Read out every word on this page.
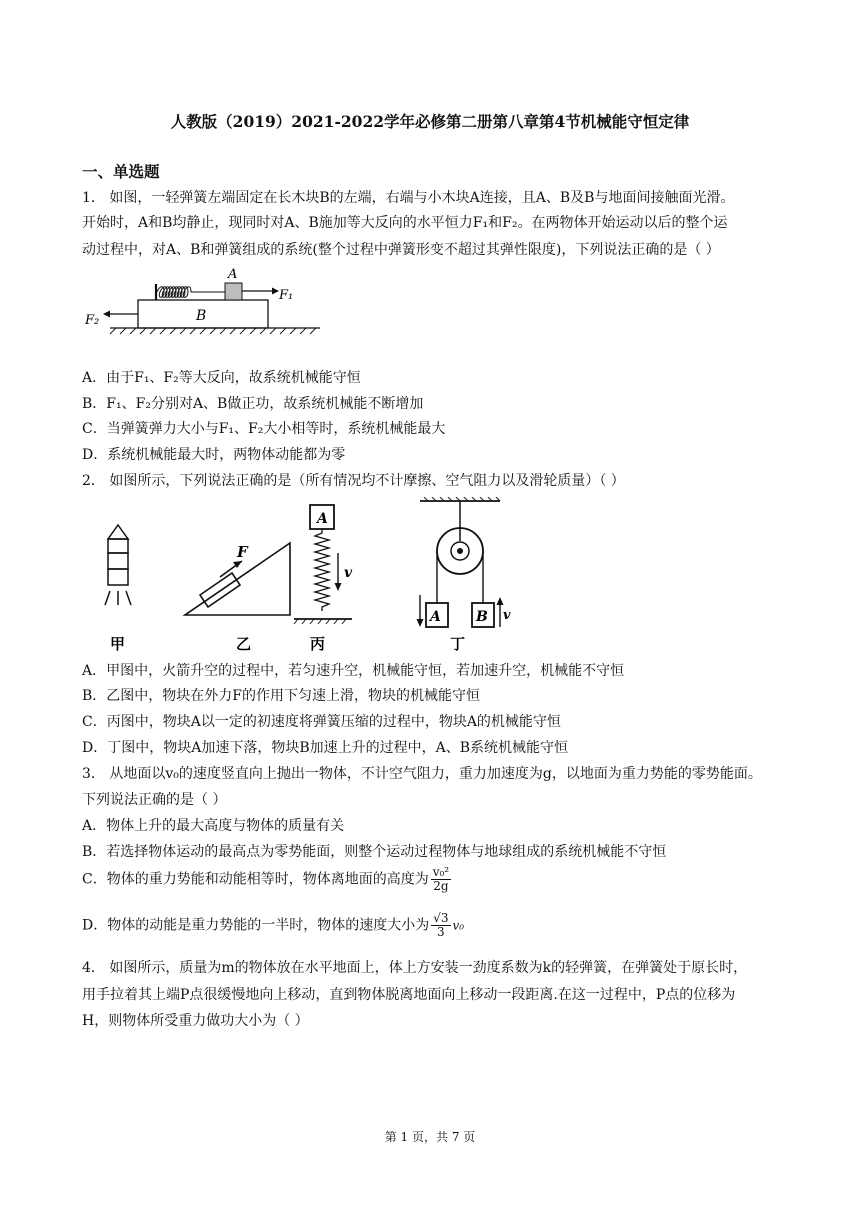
人教版（2019）2021-2022学年必修第二册第八章第4节机械能守恒定律
一、单选题
1． 如图，一轻弹簧左端固定在长木块B的左端，右端与小木块A连接，且A、B及B与地面间接触面光滑。
开始时，A和B均静止，现同时对A、B施加等大反向的水平恒力F₁和F₂。在两物体开始运动以后的整个运
动过程中，对A、B和弹簧组成的系统(整个过程中弹簧形变不超过其弹性限度)，下列说法正确的是（ ）
B
A
F₁
F₂
A．由于F₁、F₂等大反向，故系统机械能守恒
B．F₁、F₂分别对A、B做正功，故系统机械能不断增加
C．当弹簧弹力大小与F₁、F₂大小相等时，系统机械能最大
D．系统机械能最大时，两物体动能都为零
2． 如图所示，下列说法正确的是（所有情况均不计摩擦、空气阻力以及滑轮质量）（ ）
甲
F
乙
A
v
丙
A	B v
丁
A．甲图中，火箭升空的过程中，若匀速升空，机械能守恒，若加速升空，机械能不守恒
B．乙图中，物块在外力F的作用下匀速上滑，物块的机械能守恒
C．丙图中，物块A以一定的初速度将弹簧压缩的过程中，物块A的机械能守恒
D．丁图中，物块A加速下落，物块B加速上升的过程中，A、B系统机械能守恒
3． 从地面以v₀的速度竖直向上抛出一物体，不计空气阻力，重力加速度为g，以地面为重力势能的零势能面。
下列说法正确的是（ ）
A．物体上升的最大高度与物体的质量有关
B．若选择物体运动的最高点为零势能面，则整个运动过程物体与地球组成的系统机械能不守恒
C．物体的重力势能和动能相等时，物体离地面的高度为 $\frac{\text{v₀²}}{2g}$
D．物体的动能是重力势能的一半时，物体的速度大小为 $\frac{√3}{3} v_0$
4． 如图所示，质量为m的物体放在水平地面上，体上方安装一劲度系数为k的轻弹簧，在弹簧处于原长时，
用手拉着其上端P点很缓慢地向上移动，直到物体脱离地面向上移动一段距离.在这一过程中，P点的位移为
H，则物体所受重力做功大小为（ ）
第 1 页，共 7 页
